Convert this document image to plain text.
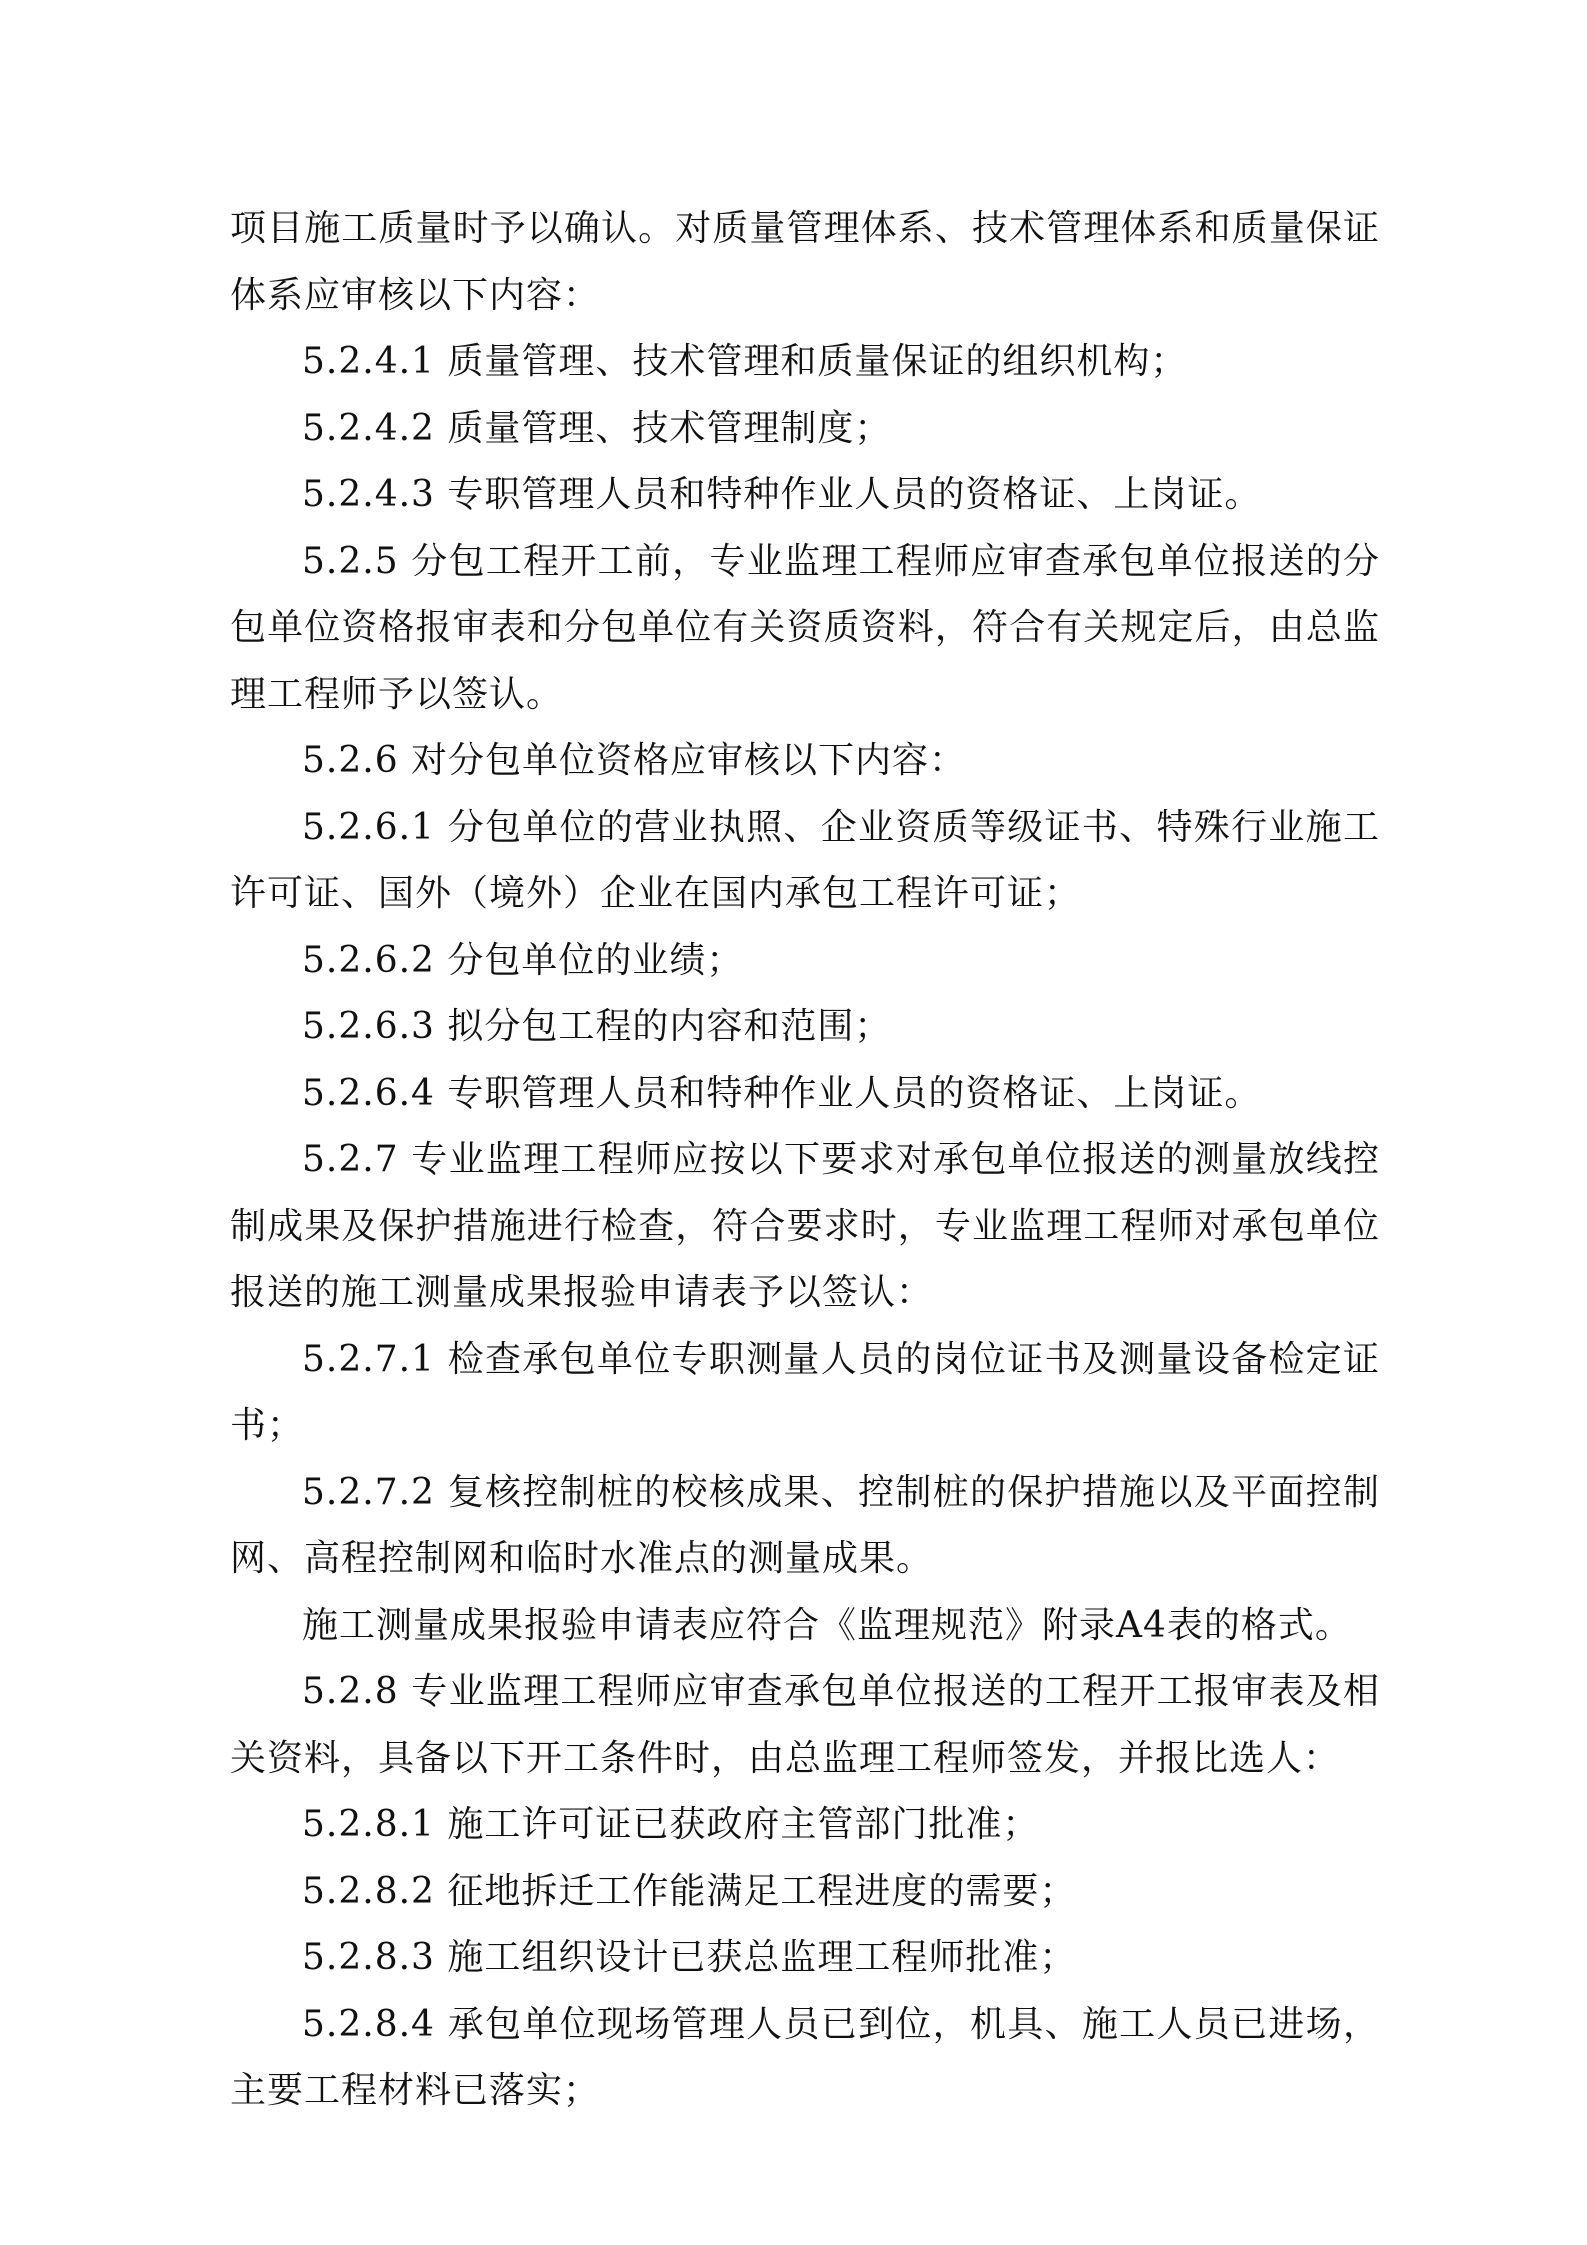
项目施工质量时予以确认。对质量管理体系、技术管理体系和质量保证体系应审核以下内容：

5.2.4.1 质量管理、技术管理和质量保证的组织机构；

5.2.4.2 质量管理、技术管理制度；

5.2.4.3 专职管理人员和特种作业人员的资格证、上岗证。

5.2.5 分包工程开工前，专业监理工程师应审查承包单位报送的分包单位资格报审表和分包单位有关资质资料，符合有关规定后，由总监理工程师予以签认。

5.2.6 对分包单位资格应审核以下内容：

5.2.6.1 分包单位的营业执照、企业资质等级证书、特殊行业施工许可证、国外（境外）企业在国内承包工程许可证；

5.2.6.2 分包单位的业绩；

5.2.6.3 拟分包工程的内容和范围；

5.2.6.4 专职管理人员和特种作业人员的资格证、上岗证。

5.2.7 专业监理工程师应按以下要求对承包单位报送的测量放线控制成果及保护措施进行检查，符合要求时，专业监理工程师对承包单位报送的施工测量成果报验申请表予以签认：

5.2.7.1 检查承包单位专职测量人员的岗位证书及测量设备检定证书；

5.2.7.2 复核控制桩的校核成果、控制桩的保护措施以及平面控制网、高程控制网和临时水准点的测量成果。

施工测量成果报验申请表应符合《监理规范》附录A4表的格式。

5.2.8 专业监理工程师应审查承包单位报送的工程开工报审表及相关资料，具备以下开工条件时，由总监理工程师签发，并报比选人：

5.2.8.1 施工许可证已获政府主管部门批准；

5.2.8.2 征地拆迁工作能满足工程进度的需要；

5.2.8.3 施工组织设计已获总监理工程师批准；

5.2.8.4 承包单位现场管理人员已到位，机具、施工人员已进场，主要工程材料已落实；
